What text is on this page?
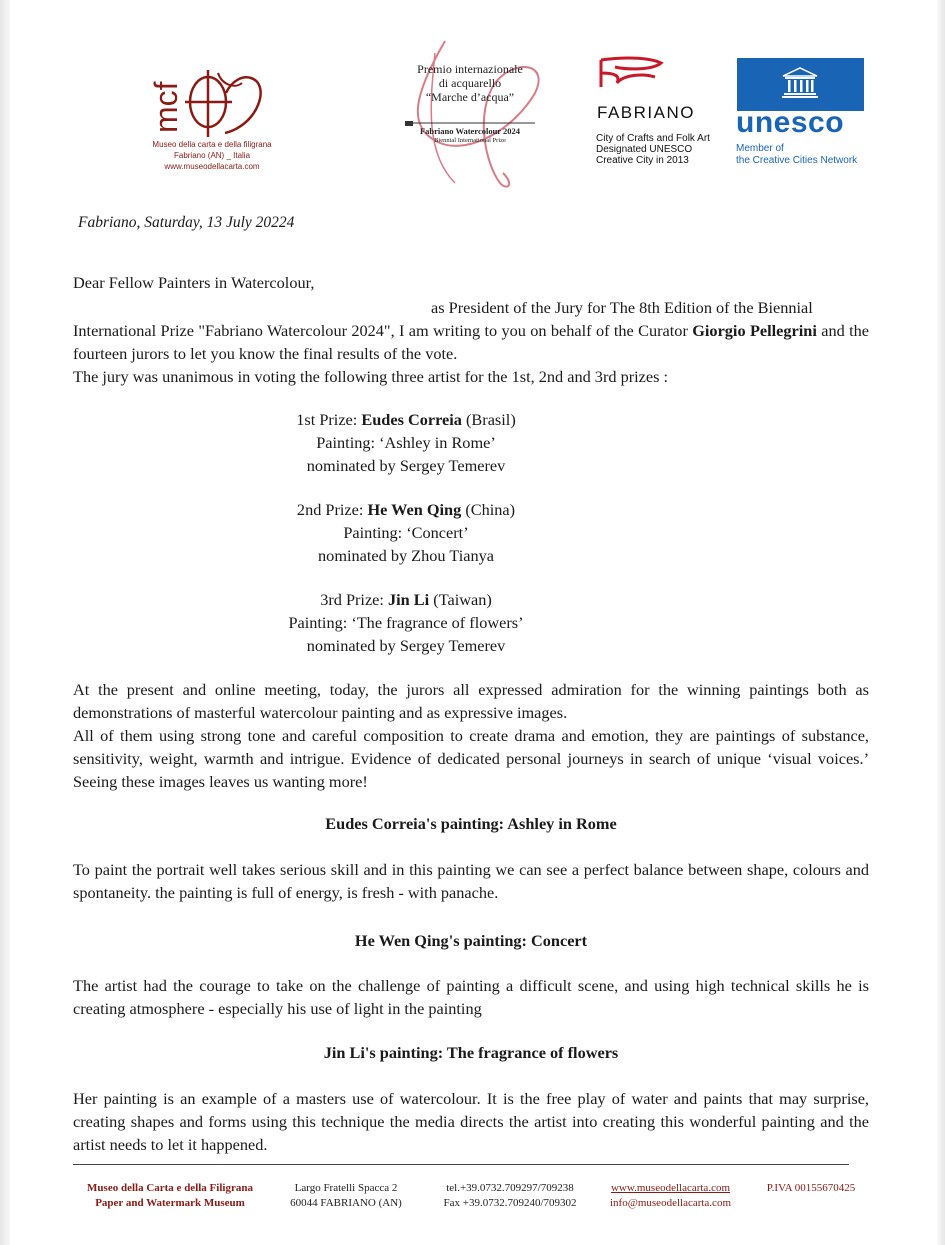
mcf
Museo della carta e della filigrana
Fabriano (AN) _ Italia
www.museodellacarta.com
Premio internazionale
di acquarello
“Marche d’acqua”
Fabriano Watercolour 2024
Biennial International Prize
FABRIANO
City of Crafts and Folk Art
Designated UNESCO
Creative City in 2013
unesco
Member of
the Creative Cities Network
Fabriano, Saturday, 13 July 20224
Dear Fellow Painters in Watercolour,

as President of the Jury for The 8th Edition of the Biennial

International Prize "Fabriano Watercolour 2024", I am writing to you on behalf of the Curator Giorgio Pellegrini and the fourteen jurors to let you know the final results of the vote.

The jury was unanimous in voting the following three artist for the 1st, 2nd and 3rd prizes :

1st Prize: Eudes Correia (Brasil)

Painting: ‘Ashley in Rome’

nominated by Sergey Temerev

2nd Prize: He Wen Qing (China)

Painting: ‘Concert’

nominated by Zhou Tianya

3rd Prize: Jin Li (Taiwan)

Painting: ‘The fragrance of flowers’

nominated by Sergey Temerev

At the present and online meeting, today, the jurors all expressed admiration for the winning paintings both as demonstrations of masterful watercolour painting and as expressive images.

All of them using strong tone and careful composition to create drama and emotion, they are paintings of substance, sensitivity, weight, warmth and intrigue. Evidence of dedicated personal journeys in search of unique ‘visual voices.’ Seeing these images leaves us wanting more!

Eudes Correia's painting: Ashley in Rome

To paint the portrait well takes serious skill and in this painting we can see a perfect balance between shape, colours and spontaneity. the painting is full of energy, is fresh - with panache.

He Wen Qing's painting: Concert

The artist had the courage to take on the challenge of painting a difficult scene, and using high technical skills he is creating atmosphere - especially his use of light in the painting

Jin Li's painting: The fragrance of flowers

Her painting is an example of a masters use of watercolour. It is the free play of water and paints that may surprise, creating shapes and forms using this technique the media directs the artist into creating this wonderful painting and the artist needs to let it happened.

Museo della Carta e della Filigrana
Paper and Watermark Museum
Largo Fratelli Spacca 2
60044 FABRIANO (AN)
tel.+39.0732.709297/709238
Fax +39.0732.709240/709302
www.museodellacarta.com
info@museodellacarta.com
P.IVA 00155670425
